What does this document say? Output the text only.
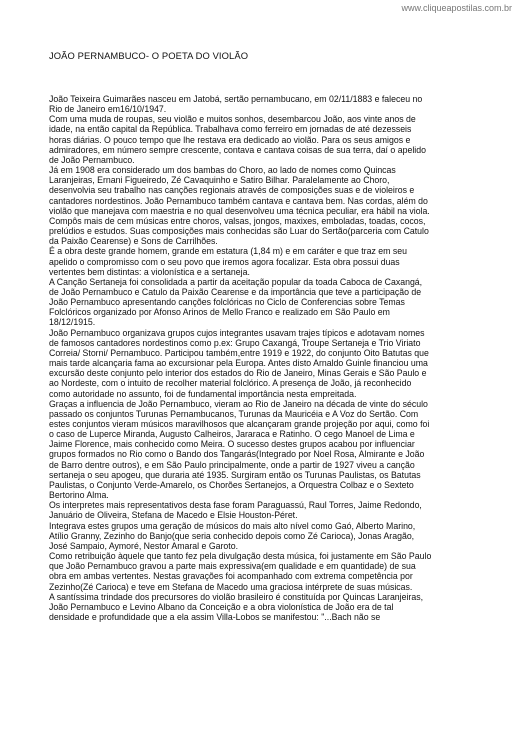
www.cliqueapostilas.com.br
JOÃO PERNAMBUCO- O POETA DO VIOLÃO

João Teixeira Guimarães nasceu em Jatobá, sertão pernambucano, em 02/11/1883 e faleceu no

Rio de Janeiro em16/10/1947.

Com uma muda de roupas, seu violão e muitos sonhos, desembarcou João, aos vinte anos de

idade, na então capital da República. Trabalhava como ferreiro em jornadas de até dezesseis

horas diárias. O pouco tempo que lhe restava era dedicado ao violão. Para os seus amigos e

admiradores, em número sempre crescente, contava e cantava coisas de sua terra, daí o apelido

de João Pernambuco.

Já em 1908 era considerado um dos bambas do Choro, ao lado de nomes como Quincas

Laranjeiras, Ernani Figueiredo, Zé Cavaquinho e Satiro Bilhar. Paralelamente ao Choro,

desenvolvia seu trabalho nas canções regionais através de composições suas e de violeiros e

cantadores nordestinos. João Pernambuco também cantava e cantava bem. Nas cordas, além do

violão que manejava com maestria e no qual desenvolveu uma técnica peculiar, era hábil na viola.

Compôs mais de cem músicas entre choros, valsas, jongos, maxixes, emboladas, toadas, cocos,

prelúdios e estudos. Suas composições mais conhecidas são Luar do Sertão(parceria com Catulo

da Paixão Cearense) e Sons de Carrilhões.

É a obra deste grande homem, grande em estatura (1,84 m) e em caráter e que traz em seu

apelido o compromisso com o seu povo que iremos agora focalizar. Esta obra possui duas

vertentes bem distintas: a violonística e a sertaneja.

A Canção Sertaneja foi consolidada a partir da aceitação popular da toada Caboca de Caxangá,

de João Pernambuco e Catulo da Paixão Cearense e da importância que teve a participação de

João Pernambuco apresentando canções folclóricas no Ciclo de Conferencias sobre Temas

Folclóricos organizado por Afonso Arinos de Mello Franco e realizado em São Paulo em

18/12/1915.

João Pernambuco organizava grupos cujos integrantes usavam trajes típicos e adotavam nomes

de famosos cantadores nordestinos como p.ex: Grupo Caxangá, Troupe Sertaneja e Trio Viriato

Correia/ Storni/ Pernambuco. Participou também,entre 1919 e 1922, do conjunto Oito Batutas que

mais tarde alcançaria fama ao excursionar pela Europa. Antes disto Arnaldo Guinle financiou uma

excursão deste conjunto pelo interior dos estados do Rio de Janeiro, Minas Gerais e São Paulo e

ao Nordeste, com o intuito de recolher material folclórico. A presença de João, já reconhecido

como autoridade no assunto, foi de fundamental importância nesta empreitada.

Graças a influencia de João Pernambuco, vieram ao Rio de Janeiro na década de vinte do século

passado os conjuntos Turunas Pernambucanos, Turunas da Mauricéia e A Voz do Sertão. Com

estes conjuntos vieram músicos maravilhosos que alcançaram grande projeção por aqui, como foi

o caso de Luperce Miranda, Augusto Calheiros, Jararaca e Ratinho. O cego Manoel de Lima e

Jaime Florence, mais conhecido como Meira. O sucesso destes grupos acabou por influenciar

grupos formados no Rio como o Bando dos Tangarás(Integrado por Noel Rosa, Almirante e João

de Barro dentre outros), e em São Paulo principalmente, onde a partir de 1927 viveu a canção

sertaneja o seu apogeu, que duraria até 1935. Surgiram então os Turunas Paulistas, os Batutas

Paulistas, o Conjunto Verde-Amarelo, os Chorões Sertanejos, a Orquestra Colbaz e o Sexteto

Bertorino Alma.

Os interpretes mais representativos desta fase foram Paraguassú, Raul Torres, Jaime Redondo,

Januário de Oliveira, Stefana de Macedo e Elsie Houston-Péret.

Integrava estes grupos uma geração de músicos do mais alto nível como Gaó, Alberto Marino,

Atílio Granny, Zezinho do Banjo(que seria conhecido depois como Zé Carioca), Jonas Aragão,

José Sampaio, Aymoré, Nestor Amaral e Garoto.

Como retribuição àquele que tanto fez pela divulgação desta música, foi justamente em São Paulo

que João Pernambuco gravou a parte mais expressiva(em qualidade e em quantidade) de sua

obra em ambas vertentes. Nestas gravações foi acompanhado com extrema competência por

Zezinho(Zé Carioca) e teve em Stefana de Macedo uma graciosa intérprete de suas músicas.

A santíssima trindade dos precursores do violão brasileiro é constituída por Quincas Laranjeiras,

João Pernambuco e Levino Albano da Conceição e a obra violonística de João era de tal

densidade e profundidade que a ela assim Villa-Lobos se manifestou: "...Bach não se
